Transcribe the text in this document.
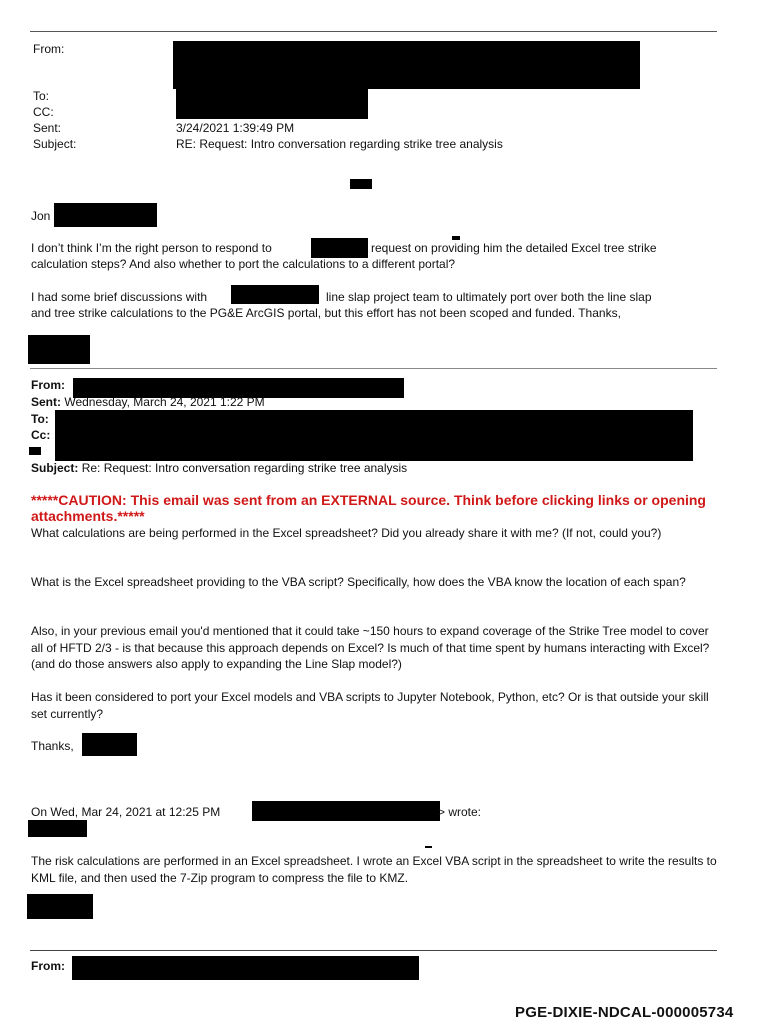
From:
To:
CC:
Sent:	3/24/2021 1:39:49 PM
Subject:	RE: Request: Intro conversation regarding strike tree analysis
Jon
I don’t think I’m the right person to respond to	request on providing him the detailed Excel tree strike
calculation steps? And also whether to port the calculations to a different portal?
I had some brief discussions with	line slap project team to ultimately port over both the line slap
and tree strike calculations to the PG&E ArcGIS portal, but this effort has not been scoped and funded. Thanks,
From:
Sent: Wednesday, March 24, 2021 1:22 PM
To:
Cc:
Subject: Re: Request: Intro conversation regarding strike tree analysis
*****CAUTION: This email was sent from an EXTERNAL source. Think before clicking links or opening attachments.*****
What calculations are being performed in the Excel spreadsheet? Did you already share it with me? (If not, could you?)
What is the Excel spreadsheet providing to the VBA script? Specifically, how does the VBA know the location of each span?
Also, in your previous email you'd mentioned that it could take ~150 hours to expand coverage of the Strike Tree model to cover all of HFTD 2/3 - is that because this approach depends on Excel? Is much of that time spent by humans interacting with Excel? (and do those answers also apply to expanding the Line Slap model?)
Has it been considered to port your Excel models and VBA scripts to Jupyter Notebook, Python, etc? Or is that outside your skill set currently?
Thanks,
On Wed, Mar 24, 2021 at 12:25 PM	> wrote:
The risk calculations are performed in an Excel spreadsheet. I wrote an Excel VBA script in the spreadsheet to write the results to KML file, and then used the 7-Zip program to compress the file to KMZ.
From:
PGE-DIXIE-NDCAL-000005734
